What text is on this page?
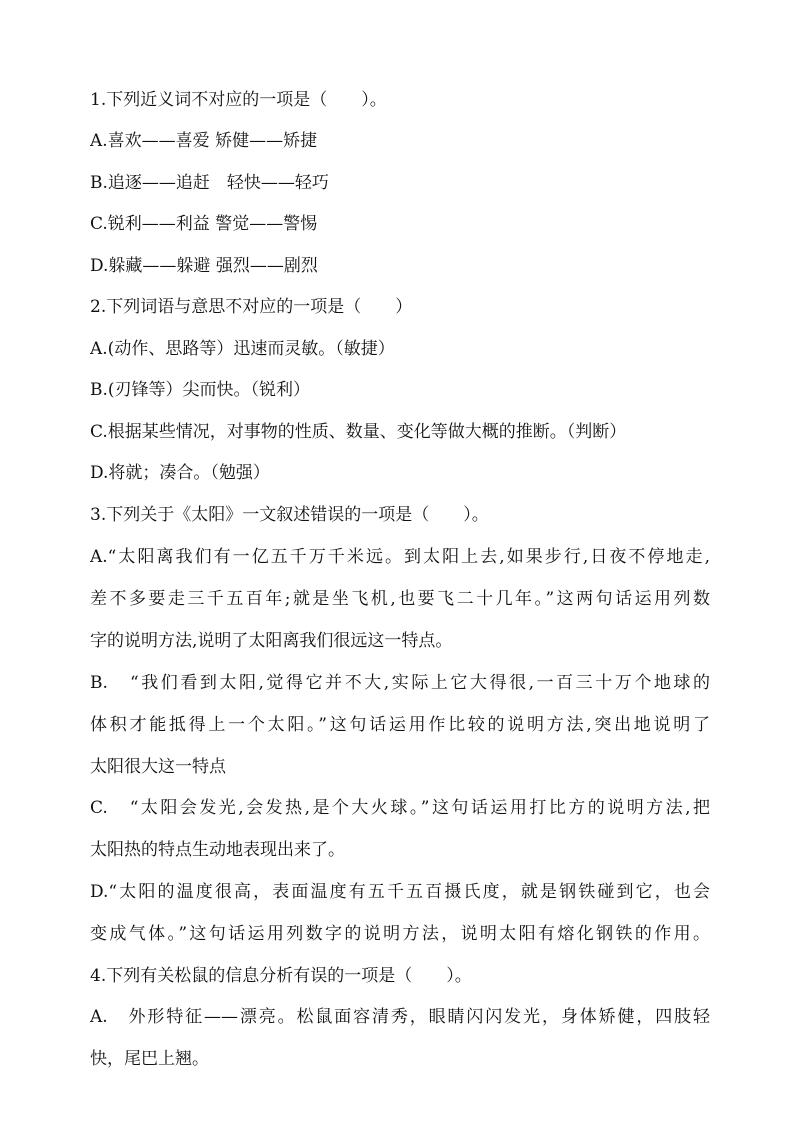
1.下列近义词不对应的一项是（　　）。
A.喜欢——喜爱 矫健——矫捷
B.追逐——追赶　轻快——轻巧
C.锐利——利益 警觉——警惕
D.躲藏——躲避 强烈——剧烈
2.下列词语与意思不对应的一项是（　　）
A.(动作、思路等）迅速而灵敏。（敏捷）
B.(刃锋等）尖而快。（锐利）
C.根据某些情况，对事物的性质、数量、变化等做大概的推断。（判断）
D.将就；凑合。（勉强）
3.下列关于《太阳》一文叙述错误的一项是（　　）。
A.“太阳离我们有一亿五千万千米远。到太阳上去,如果步行,日夜不停地走,
差不多要走三千五百年;就是坐飞机,也要飞二十几年。”这两句话运用列数
字的说明方法,说明了太阳离我们很远这一特点。
B.　“我们看到太阳,觉得它并不大,实际上它大得很,一百三十万个地球的
体积才能抵得上一个太阳。”这句话运用作比较的说明方法,突出地说明了
太阳很大这一特点
C.　“太阳会发光,会发热,是个大火球。”这句话运用打比方的说明方法,把
太阳热的特点生动地表现出来了。
D.“太阳的温度很高，表面温度有五千五百摄氏度，就是钢铁碰到它，也会
变成气体。”这句话运用列数字的说明方法，说明太阳有熔化钢铁的作用。
4.下列有关松鼠的信息分析有误的一项是（　　）。
A.　外形特征——漂亮。松鼠面容清秀，眼睛闪闪发光，身体矫健，四肢轻
快，尾巴上翘。
